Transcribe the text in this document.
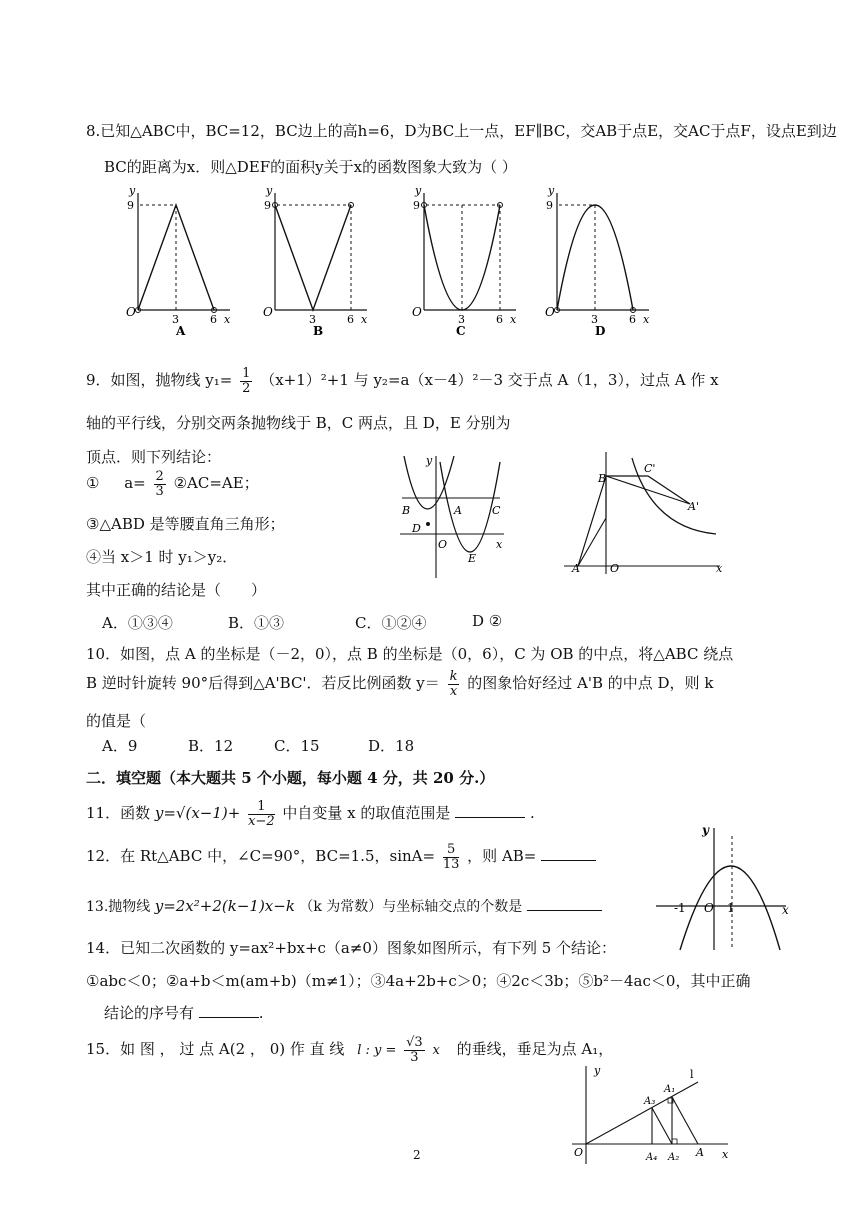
8.已知△ABC中，BC=12，BC边上的高h=6，D为BC上一点，EF∥BC，交AB于点E，交AC于点F，设点E到边
BC的距离为x．则△DEF的面积y关于x的函数图象大致为（ ）
y
9
O
3	6 x
A
y
9
O
3	6 x
B
y
9
O
3	6 x
C
y
9
O
3	6 x
D
9．如图，抛物线 $y_1= \frac{1}{2} (x+1)^2+1$ 与 y₂=a（x－4）²－3 交于点 A（1，3），过点 A 作 x
轴的平行线，分别交两条抛物线于 B，C 两点，且 D，E 分别为
顶点．则下列结论：
① $a= \frac{2}{3}$ ②AC=AE；
③△ABD 是等腰直角三角形；
④当 x＞1 时 y₁＞y₂．
其中正确的结论是（　　）
A．①③④	B．①③	C．①②④	D ②
y
x
B	A	C
D
O
E
B
C'
A'
A	O	x
10．如图，点 A 的坐标是（－2，0），点 B 的坐标是（0，6），C 为 OB 的中点，将△ABC 绕点
B 逆时针旋转 90°后得到△A'BC'．若反比例函数 $y= \frac{k}{x}$ 的图象恰好经过 A'B 的中点 D，则 k
的值是（
A．9	B．12	C．15	D．18
二．填空题（本大题共 5 个小题，每小题 4 分，共 20 分.）
11．函数 $y=√(x-1)+ \frac{1}{x-2}$ 中自变量 x 的取值范围是	.
12．在 Rt△ABC 中，∠C=90°，BC=1.5，$\sin A= \frac{5}{13}$ ，则 AB=
13.抛物线 y=2x²+2(k−1)x−k （k 为常数）与坐标轴交点的个数是
y
x
-1 O 1
14．已知二次函数的 y=ax²+bx+c（a≠0）图象如图所示，有下列 5 个结论：
①abc＜0；②a+b＜m(am+b)（m≠1）；③4a+2b+c＞0；④2c＜3b；⑤b²－4ac＜0，其中正确
结论的序号有	.
15．如 图 ， 过 点 A(2 ， 0) 作 直 线 l : $y = \frac{√3}{3}$ x 的垂线，垂足为点 A₁，
y
x
O	A
A₁
A₂
A₃
A₄
l
2
